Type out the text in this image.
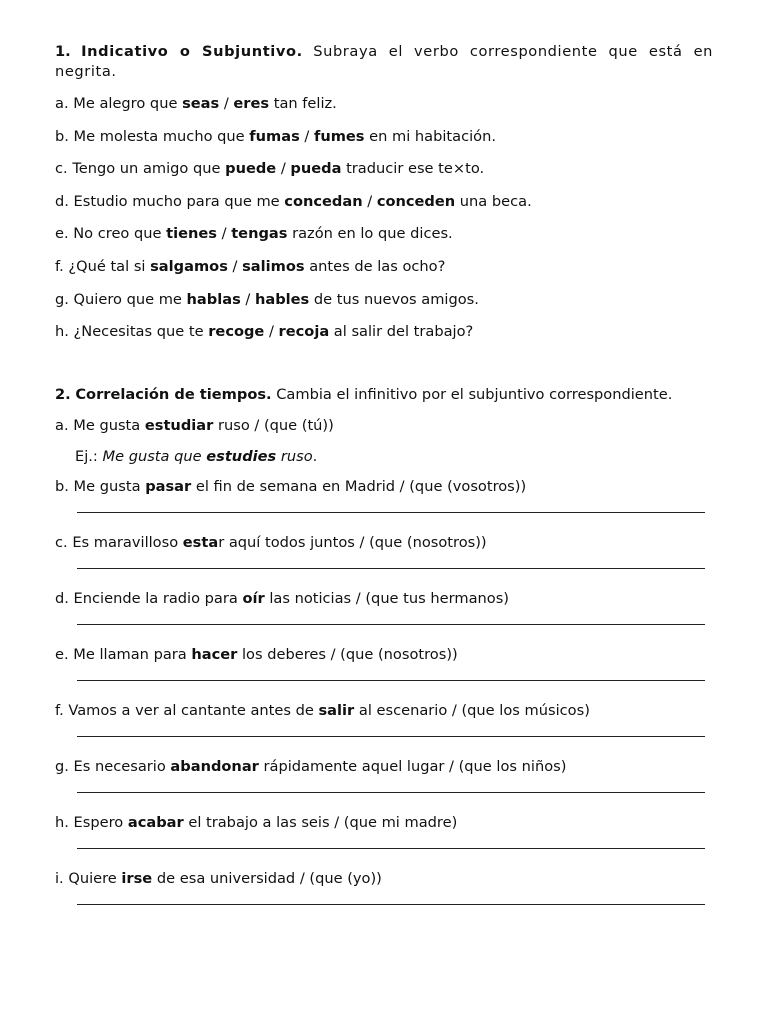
1. Indicativo o Subjuntivo. Subraya el verbo correspondiente que está en negrita.

a. Me alegro que seas / eres tan feliz.

b. Me molesta mucho que fumas / fumes en mi habitación.

c. Tengo un amigo que puede / pueda traducir ese te×to.

d. Estudio mucho para que me concedan / conceden una beca.

e. No creo que tienes / tengas razón en lo que dices.

f. ¿Qué tal si salgamos / salimos antes de las ocho?

g. Quiero que me hablas / hables de tus nuevos amigos.

h. ¿Necesitas que te recoge / recoja al salir del trabajo?

2. Correlación de tiempos. Cambia el infinitivo por el subjuntivo correspondiente.

a. Me gusta estudiar ruso / (que (tú))

Ej.: Me gusta que estudies ruso.

b. Me gusta pasar el fin de semana en Madrid / (que (vosotros))

c. Es maravilloso estar aquí todos juntos / (que (nosotros))

d. Enciende la radio para oír las noticias / (que tus hermanos)

e. Me llaman para hacer los deberes / (que (nosotros))

f. Vamos a ver al cantante antes de salir al escenario / (que los músicos)

g. Es necesario abandonar rápidamente aquel lugar / (que los niños)

h. Espero acabar el trabajo a las seis / (que mi madre)

i. Quiere irse de esa universidad / (que (yo))
